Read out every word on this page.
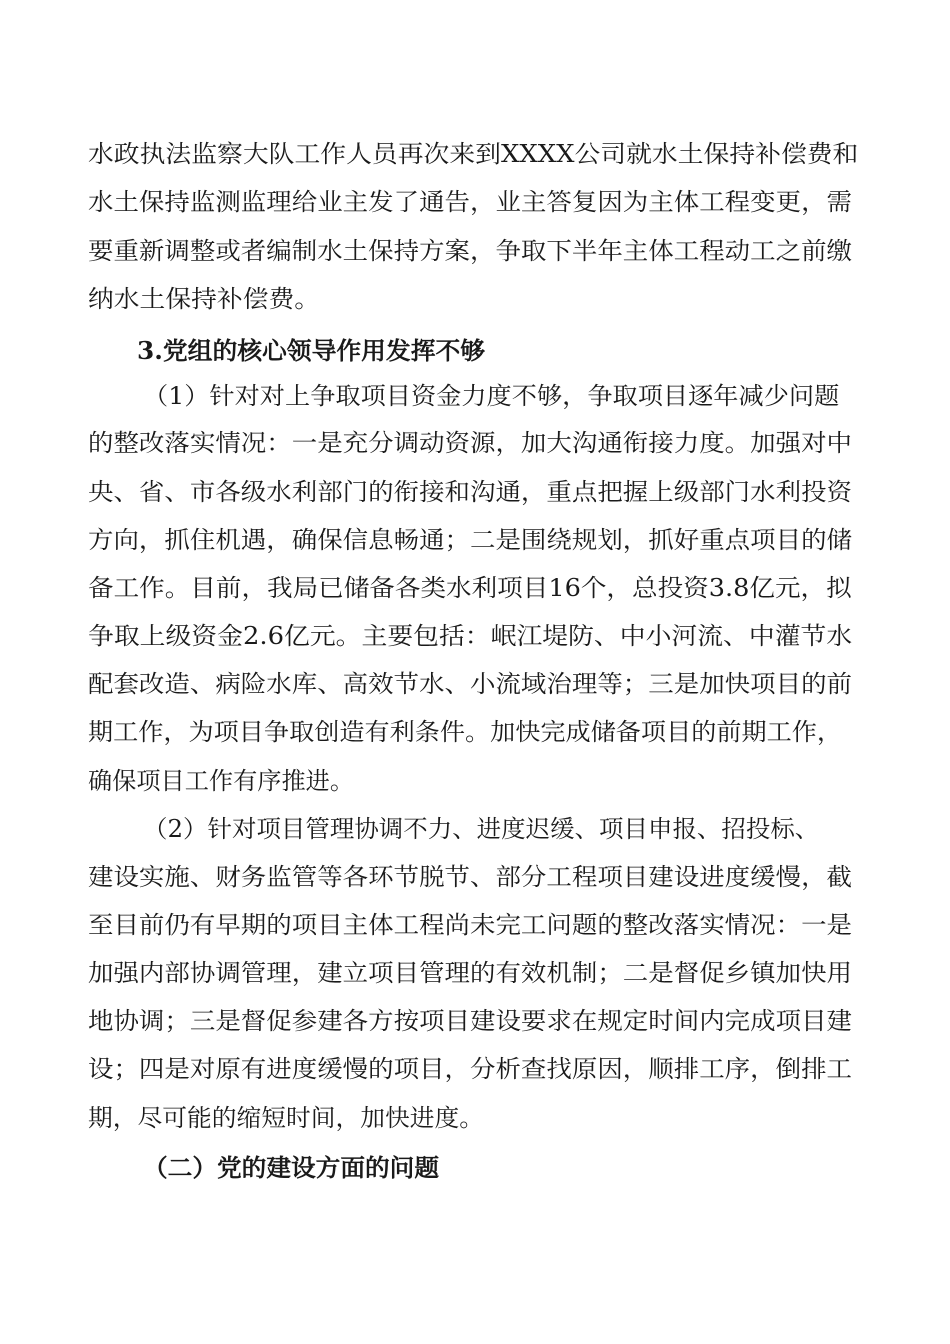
水政执法监察大队工作人员再次来到XXXX公司就水土保持补偿费和
水土保持监测监理给业主发了通告，业主答复因为主体工程变更，需
要重新调整或者编制水土保持方案，争取下半年主体工程动工之前缴
纳水土保持补偿费。
3.党组的核心领导作用发挥不够
（1）针对对上争取项目资金力度不够，争取项目逐年减少问题
的整改落实情况：一是充分调动资源，加大沟通衔接力度。加强对中
央、省、市各级水利部门的衔接和沟通，重点把握上级部门水利投资
方向，抓住机遇，确保信息畅通；二是围绕规划，抓好重点项目的储
备工作。目前，我局已储备各类水利项目16个，总投资3.8亿元，拟
争取上级资金2.6亿元。主要包括：岷江堤防、中小河流、中灌节水
配套改造、病险水库、高效节水、小流域治理等；三是加快项目的前
期工作，为项目争取创造有利条件。加快完成储备项目的前期工作，
确保项目工作有序推进。
（2）针对项目管理协调不力、进度迟缓、项目申报、招投标、
建设实施、财务监管等各环节脱节、部分工程项目建设进度缓慢，截
至目前仍有早期的项目主体工程尚未完工问题的整改落实情况：一是
加强内部协调管理，建立项目管理的有效机制；二是督促乡镇加快用
地协调；三是督促参建各方按项目建设要求在规定时间内完成项目建
设；四是对原有进度缓慢的项目，分析查找原因，顺排工序，倒排工
期，尽可能的缩短时间，加快进度。
（二）党的建设方面的问题
